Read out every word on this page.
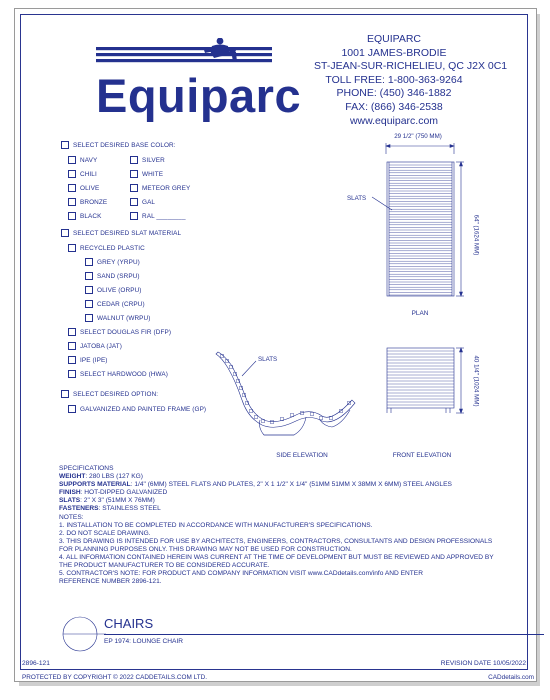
Equiparc
EQUIPARC
1001 JAMES-BRODIE
ST-JEAN-SUR-RICHELIEU, QC J2X 0C1
TOLL FREE: 1-800-363-9264
PHONE: (450) 346-1882
FAX: (866) 346-2538
www.equiparc.com
SELECT DESIRED BASE COLOR:
NAVY
CHILI
OLIVE
BRONZE
BLACK
SILVER
WHITE
METEOR GREY
GAL
RAL ________
SELECT DESIRED SLAT MATERIAL
RECYCLED PLASTIC
GREY (YRPU)
SAND (SRPU)
OLIVE (ORPU)
CEDAR (CRPU)
WALNUT (WRPU)
SELECT DOUGLAS FIR (DFP)
JATOBA (JAT)
IPE (IPE)
SELECT HARDWOOD (HWA)
SELECT DESIRED OPTION:
GALVANIZED AND PAINTED FRAME (GP)
29 1/2" (750 MM)
64" (1624 MM)
SLATS
PLAN
40 1/4" (1024 MM)
SLATS
SIDE ELEVATION	FRONT ELEVATION
SPECIFICATIONS
WEIGHT: 280 LBS (127 KG)
SUPPORTS MATERIAL: 1/4" (6MM) STEEL FLATS AND PLATES, 2" X 1 1/2" X 1/4" (51MM 51MM X 38MM X 6MM) STEEL ANGLES
FINISH: HOT-DIPPED GALVANIZED
SLATS: 2" X 3" (51MM X 76MM)
FASTENERS: STAINLESS STEEL
NOTES:
1. INSTALLATION TO BE COMPLETED IN ACCORDANCE WITH MANUFACTURER'S SPECIFICATIONS.
2. DO NOT SCALE DRAWING.
3. THIS DRAWING IS INTENDED FOR USE BY ARCHITECTS, ENGINEERS, CONTRACTORS, CONSULTANTS AND DESIGN PROFESSIONALS
FOR PLANNING PURPOSES ONLY. THIS DRAWING MAY NOT BE USED FOR CONSTRUCTION.
4. ALL INFORMATION CONTAINED HEREIN WAS CURRENT AT THE TIME OF DEVELOPMENT BUT MUST BE REVIEWED AND APPROVED BY
THE PRODUCT MANUFACTURER TO BE CONSIDERED ACCURATE.
5. CONTRACTOR'S NOTE: FOR PRODUCT AND COMPANY INFORMATION VISIT www.CADdetails.com/info AND ENTER
REFERENCE NUMBER 2896-121.
CHAIRS
EP 1974: LOUNGE CHAIR
2896-121	REVISION DATE 10/05/2022
PROTECTED BY COPYRIGHT © 2022 CADDETAILS.COM LTD.	CADdetails.com
